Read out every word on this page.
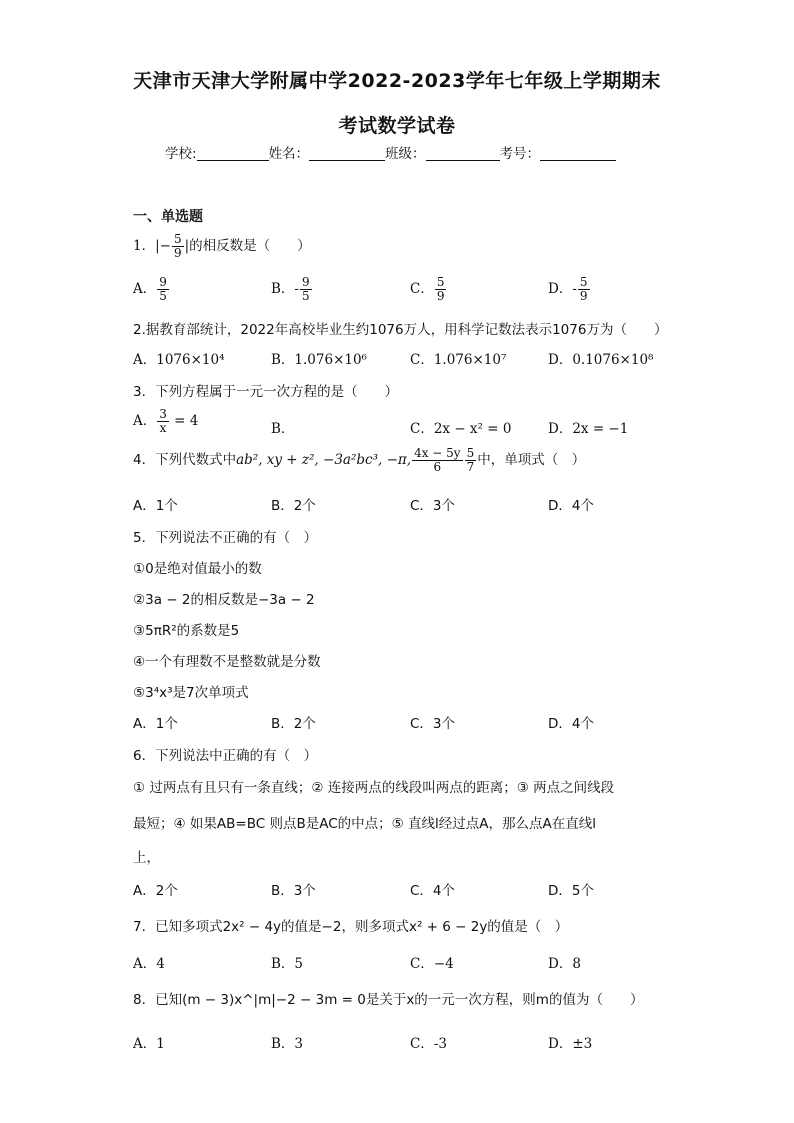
天津市天津大学附属中学2022-2023学年七年级上学期期末
考试数学试卷
学校:	姓名：	班级：	考号：
一、单选题
1．|− $\frac{5}{9}$ |的相反数是（　　）
A． $\frac{9}{5}$	B．- $\frac{9}{5}$	C． $\frac{5}{9}$	D．- $\frac{5}{9}$
2.据教育部统计，2022年高校毕业生约1076万人，用科学记数法表示1076万为（　　）
A．1076×10⁴	B．1.076×10⁶	C．1.076×10⁷	D．0.1076×10⁸
3．下列方程属于一元一次方程的是（　　）
A． $\frac{3}{x} = 4$	B．	C．2x − x² = 0	D．2x = −1
4．下列代数式中ab², xy + z², −3a²bc³, −π, $\frac{4x - 5y}{6} \frac{5}{7}$ 中，单项式（　）
A．1个	B．2个	C．3个	D．4个
5．下列说法不正确的有（　）
①0是绝对值最小的数
②3a − 2的相反数是−3a − 2
③5πR²的系数是5
④一个有理数不是整数就是分数
⑤3⁴x³是7次单项式
A．1个	B．2个	C．3个	D．4个
6．下列说法中正确的有（　）
① 过两点有且只有一条直线；② 连接两点的线段叫两点的距离；③ 两点之间线段
最短；④ 如果AB=BC 则点B是AC的中点；⑤ 直线l经过点A，那么点A在直线l
上，
A．2个	B．3个	C．4个	D．5个
7．已知多项式2x² − 4y的值是−2，则多项式x² + 6 − 2y的值是（　）
A．4	B．5	C．−4	D．8
8．已知(m − 3)x^|m|−2 − 3m = 0是关于x的一元一次方程，则m的值为（　　）
A．1	B．3	C．-3	D．±3
